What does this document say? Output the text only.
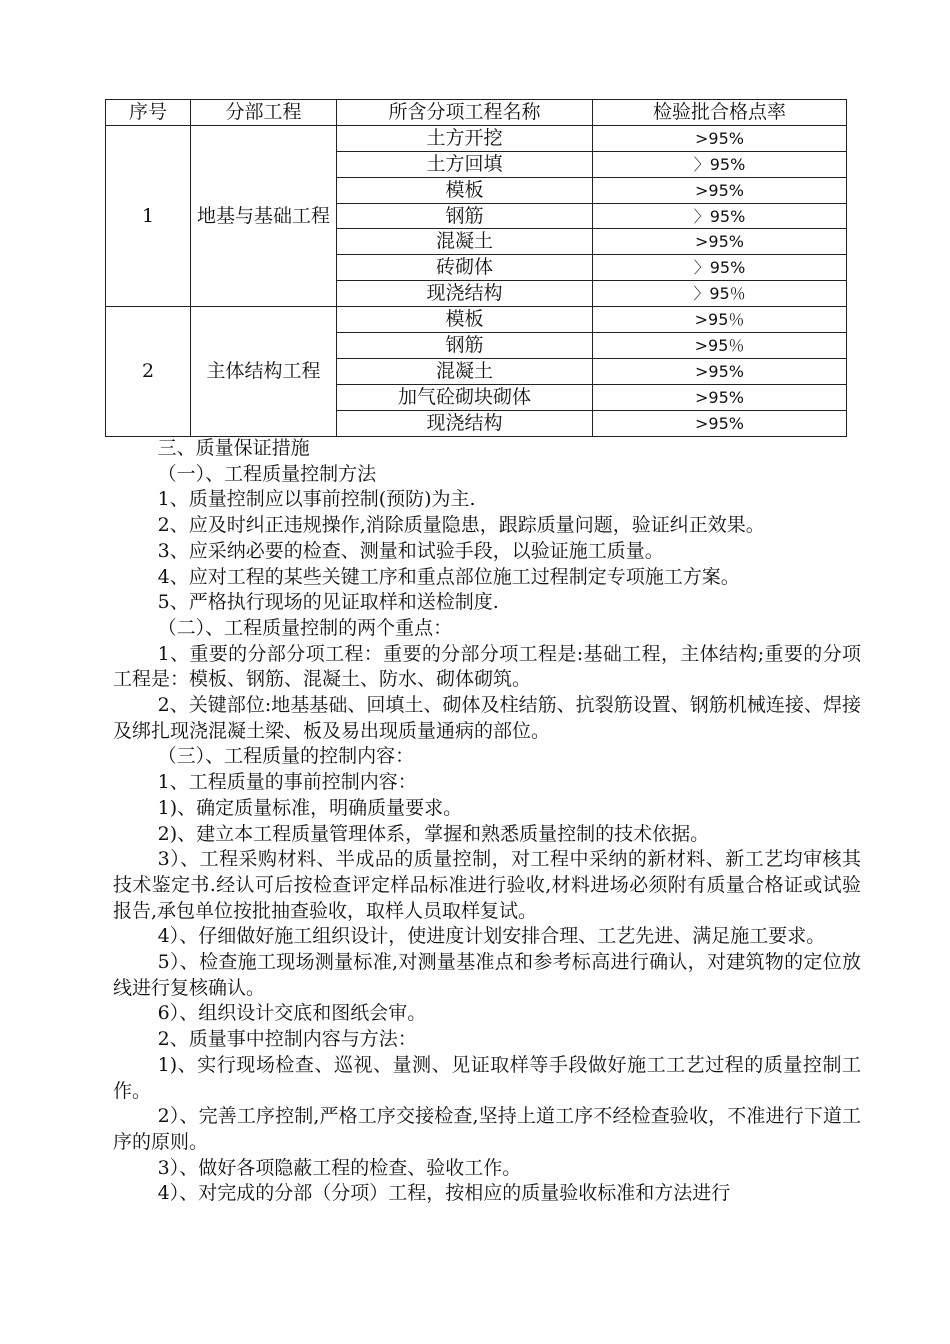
序号	分部工程	所含分项工程名称	检验批合格点率
1	地基与基础工程	土方开挖	>95%
		土方回填	〉95%
		模板	>95%
		钢筋	〉95%
		混凝土	>95%
		砖砌体	〉95%
		现浇结构	〉95％
2	主体结构工程	模板	>95％
		钢筋	>95％
		混凝土	>95%
		加气砼砌块砌体	>95%
		现浇结构	>95%

三、质量保证措施

（一）、工程质量控制方法

1、质量控制应以事前控制(预防)为主.

2、应及时纠正违规操作,消除质量隐患，跟踪质量问题，验证纠正效果。

3、应采纳必要的检查、测量和试验手段，以验证施工质量。

4、应对工程的某些关键工序和重点部位施工过程制定专项施工方案。

5、严格执行现场的见证取样和送检制度.

（二）、工程质量控制的两个重点：

1、重要的分部分项工程：重要的分部分项工程是:基础工程，主体结构;重要的分项工程是：模板、钢筋、混凝土、防水、砌体砌筑。

2、关键部位:地基基础、回填土、砌体及柱结筋、抗裂筋设置、钢筋机械连接、焊接及绑扎现浇混凝土梁、板及易出现质量通病的部位。

（三）、工程质量的控制内容：

1、工程质量的事前控制内容：

1)、确定质量标准，明确质量要求。

2)、建立本工程质量管理体系，掌握和熟悉质量控制的技术依据。

3）、工程采购材料、半成品的质量控制，对工程中采纳的新材料、新工艺均审核其技术鉴定书.经认可后按检查评定样品标准进行验收,材料进场必须附有质量合格证或试验报告,承包单位按批抽查验收，取样人员取样复试。

4）、仔细做好施工组织设计，使进度计划安排合理、工艺先进、满足施工要求。

5）、检查施工现场测量标准,对测量基准点和参考标高进行确认，对建筑物的定位放线进行复核确认。

6）、组织设计交底和图纸会审。

2、质量事中控制内容与方法：

1)、实行现场检查、巡视、量测、见证取样等手段做好施工工艺过程的质量控制工作。

2）、完善工序控制,严格工序交接检查,坚持上道工序不经检查验收，不准进行下道工序的原则。

3）、做好各项隐蔽工程的检查、验收工作。

4）、对完成的分部（分项）工程，按相应的质量验收标准和方法进行
